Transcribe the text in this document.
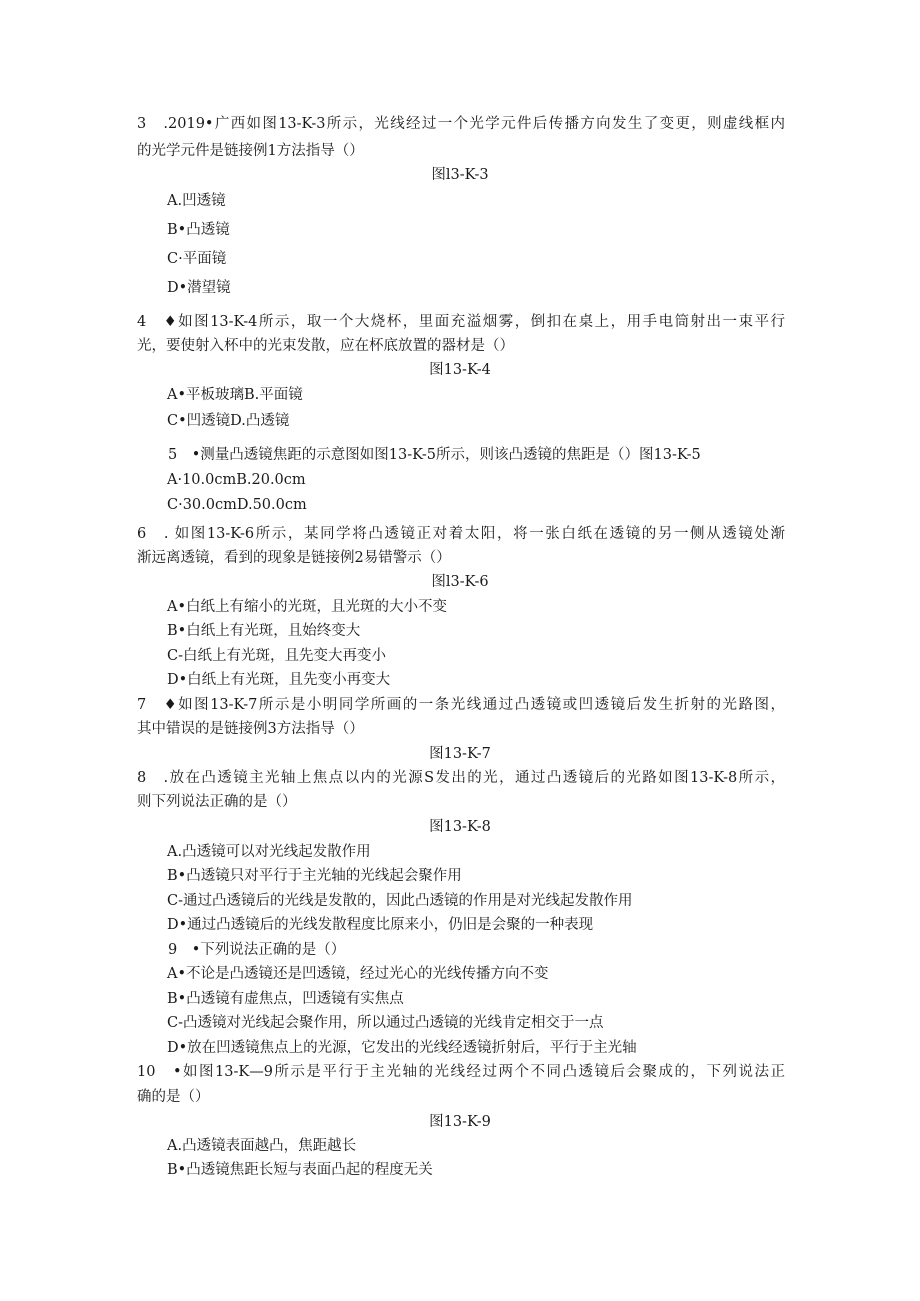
3　.2019•广西如图13-K-3所示，光线经过一个光学元件后传播方向发生了变更，则虚线框内
的光学元件是链接例1方法指导（）
图l3-K-3
A.凹透镜
B•凸透镜
C·平面镜
D•潜望镜
4　♦如图13-K-4所示，取一个大烧杯，里面充溢烟雾，倒扣在桌上，用手电筒射出一束平行
光，要使射入杯中的光束发散，应在杯底放置的器材是（）
图13-K-4
A•平板玻璃B.平面镜
C•凹透镜D.凸透镜
5　•测量凸透镜焦距的示意图如图13-K-5所示，则该凸透镜的焦距是（）图13-K-5
A·10.0cmB.20.0cm
C·30.0cmD.50.0cm
6　. 如图13-K-6所示，某同学将凸透镜正对着太阳，将一张白纸在透镜的另一侧从透镜处渐
渐远离透镜，看到的现象是链接例2易错警示（）
图l3-K-6
A•白纸上有缩小的光斑，且光斑的大小不变
B•白纸上有光斑，且始终变大
C-白纸上有光斑，且先变大再变小
D•白纸上有光斑，且先变小再变大
7　♦如图13-K-7所示是小明同学所画的一条光线通过凸透镜或凹透镜后发生折射的光路图，
其中错误的是链接例3方法指导（）
图13-K-7
8　.放在凸透镜主光轴上焦点以内的光源S发出的光，通过凸透镜后的光路如图13-K-8所示，
则下列说法正确的是（）
图13-K-8
A.凸透镜可以对光线起发散作用
B•凸透镜只对平行于主光轴的光线起会聚作用
C-通过凸透镜后的光线是发散的，因此凸透镜的作用是对光线起发散作用
D•通过凸透镜后的光线发散程度比原来小，仍旧是会聚的一种表现
9　•下列说法正确的是（）
A•不论是凸透镜还是凹透镜，经过光心的光线传播方向不变
B•凸透镜有虚焦点，凹透镜有实焦点
C-凸透镜对光线起会聚作用，所以通过凸透镜的光线肯定相交于一点
D•放在凹透镜焦点上的光源，它发出的光线经透镜折射后，平行于主光轴
10　•如图13-K—9所示是平行于主光轴的光线经过两个不同凸透镜后会聚成的，下列说法正
确的是（）
图13-K-9
A.凸透镜表面越凸，焦距越长
B•凸透镜焦距长短与表面凸起的程度无关
